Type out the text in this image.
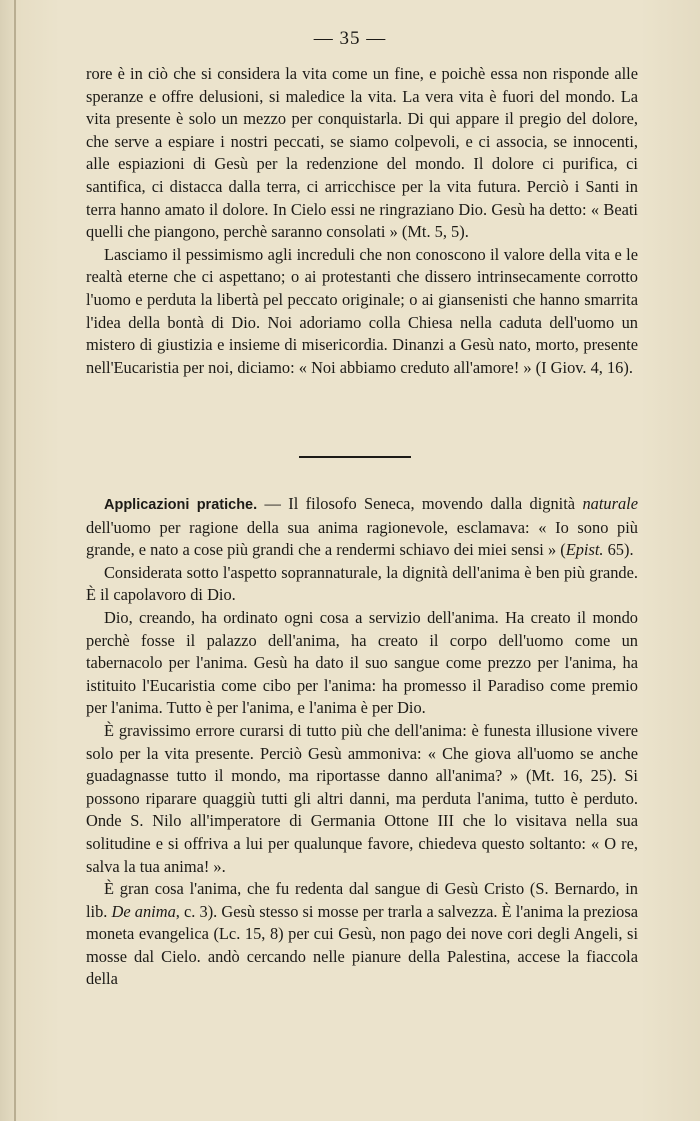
— 35 —

rore è in ciò che si considera la vita come un fine, e poichè essa non risponde alle speranze e offre delusioni, si maledice la vita. La vera vita è fuori del mondo. La vita presente è solo un mezzo per conquistarla. Di qui appare il pregio del dolore, che serve a espiare i nostri peccati, se siamo colpevoli, e ci associa, se innocenti, alle espiazioni di Gesù per la redenzione del mondo. Il dolore ci purifica, ci santifica, ci distacca dalla terra, ci arricchisce per la vita futura. Perciò i Santi in terra hanno amato il dolore. In Cielo essi ne ringraziano Dio. Gesù ha detto: « Beati quelli che piangono, perchè saranno consolati » (Mt. 5, 5).

Lasciamo il pessimismo agli increduli che non conoscono il valore della vita e le realtà eterne che ci aspettano; o ai protestanti che dissero intrinsecamente corrotto l'uomo e perduta la libertà pel peccato originale; o ai giansenisti che hanno smarrita l'idea della bontà di Dio. Noi adoriamo colla Chiesa nella caduta dell'uomo un mistero di giustizia e insieme di misericordia. Dinanzi a Gesù nato, morto, presente nell'Eucaristia per noi, diciamo: « Noi abbiamo creduto all'amore! » (I Giov. 4, 16).

Applicazioni pratiche. — Il filosofo Seneca, movendo dalla dignità naturale dell'uomo per ragione della sua anima ragionevole, esclamava: « Io sono più grande, e nato a cose più grandi che a rendermi schiavo dei miei sensi » (Epist. 65).

Considerata sotto l'aspetto soprannaturale, la dignità dell'anima è ben più grande. È il capolavoro di Dio.

Dio, creando, ha ordinato ogni cosa a servizio dell'anima. Ha creato il mondo perchè fosse il palazzo dell'anima, ha creato il corpo dell'uomo come un tabernacolo per l'anima. Gesù ha dato il suo sangue come prezzo per l'anima, ha istituito l'Eucaristia come cibo per l'anima: ha promesso il Paradiso come premio per l'anima. Tutto è per l'anima, e l'anima è per Dio.

È gravissimo errore curarsi di tutto più che dell'anima: è funesta illusione vivere solo per la vita presente. Perciò Gesù ammoniva: « Che giova all'uomo se anche guadagnasse tutto il mondo, ma riportasse danno all'anima? » (Mt. 16, 25). Si possono riparare quaggiù tutti gli altri danni, ma perduta l'anima, tutto è perduto. Onde S. Nilo all'imperatore di Germania Ottone III che lo visitava nella sua solitudine e si offriva a lui per qualunque favore, chiedeva questo soltanto: « O re, salva la tua anima! ».

È gran cosa l'anima, che fu redenta dal sangue di Gesù Cristo (S. Bernardo, in lib. De anima, c. 3). Gesù stesso si mosse per trarla a salvezza. È l'anima la preziosa moneta evangelica (Lc. 15, 8) per cui Gesù, non pago dei nove cori degli Angeli, si mosse dal Cielo. andò cercando nelle pianure della Palestina, accese la fiaccola della
